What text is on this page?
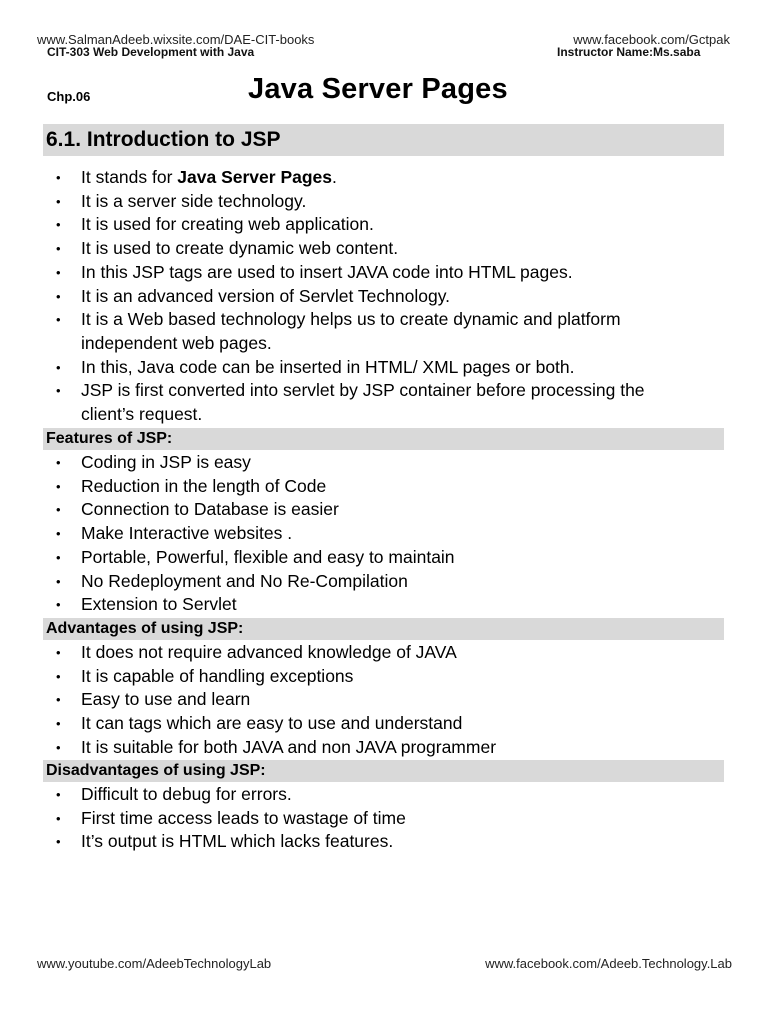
www.SalmanAdeeb.wixsite.com/DAE-CIT-books	www.facebook.com/Gctpak
CIT-303 Web Development with Java	Instructor Name:Ms.saba
Chp.06	Java Server Pages
6.1. Introduction to JSP
• It stands for Java Server Pages.
• It is a server side technology.
• It is used for creating web application.
• It is used to create dynamic web content.
• In this JSP tags are used to insert JAVA code into HTML pages.
• It is an advanced version of Servlet Technology.
• It is a Web based technology helps us to create dynamic and platform independent web pages.
• In this, Java code can be inserted in HTML/ XML pages or both.
• JSP is first converted into servlet by JSP container before processing the client’s request.
Features of JSP:
• Coding in JSP is easy
• Reduction in the length of Code
• Connection to Database is easier
• Make Interactive websites .
• Portable, Powerful, flexible and easy to maintain
• No Redeployment and No Re-Compilation
• Extension to Servlet
Advantages of using JSP:
• It does not require advanced knowledge of JAVA
• It is capable of handling exceptions
• Easy to use and learn
• It can tags which are easy to use and understand
• It is suitable for both JAVA and non JAVA programmer
Disadvantages of using JSP:
• Difficult to debug for errors.
• First time access leads to wastage of time
• It’s output is HTML which lacks features.
www.youtube.com/AdeebTechnologyLab	www.facebook.com/Adeeb.Technology.Lab
